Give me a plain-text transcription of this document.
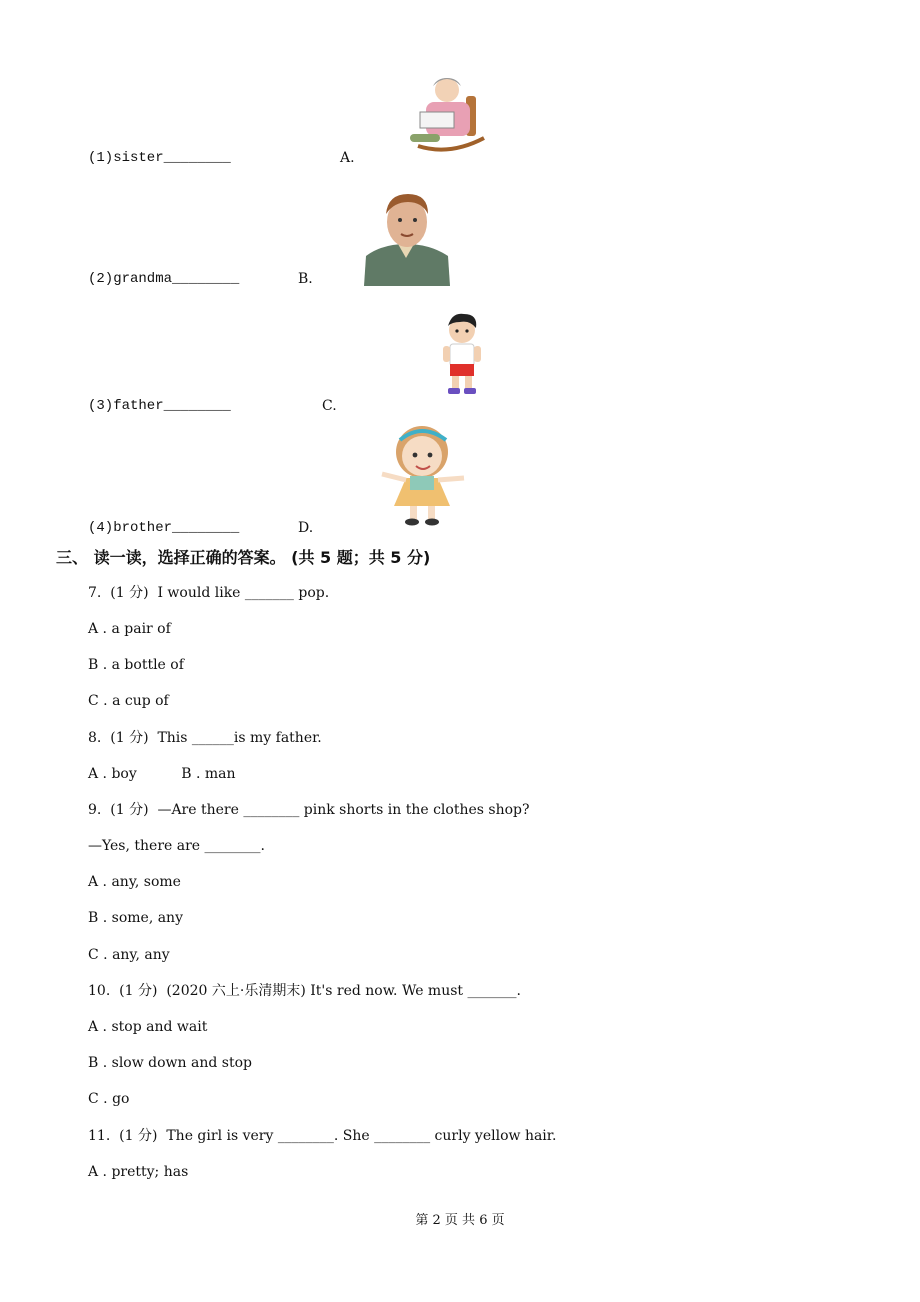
(1)sister________	A.
(2)grandma________	B.
(3)father________	C.
(4)brother________	D.
三、 读一读，选择正确的答案。 (共 5 题；共 5 分)
7.  (1 分)  I would like _______ pop.
A . a pair of
B . a bottle of
C . a cup of
8.  (1 分)  This ______is my father.
A . boy          B . man
9.  (1 分)  —Are there ________ pink shorts in the clothes shop?
—Yes, there are ________.
A . any, some
B . some, any
C . any, any
10.  (1 分)  (2020 六上·乐清期末) It's red now. We must _______.
A . stop and wait
B . slow down and stop
C . go
11.  (1 分)  The girl is very ________. She ________ curly yellow hair.
A . pretty; has
第 2 页 共 6 页
